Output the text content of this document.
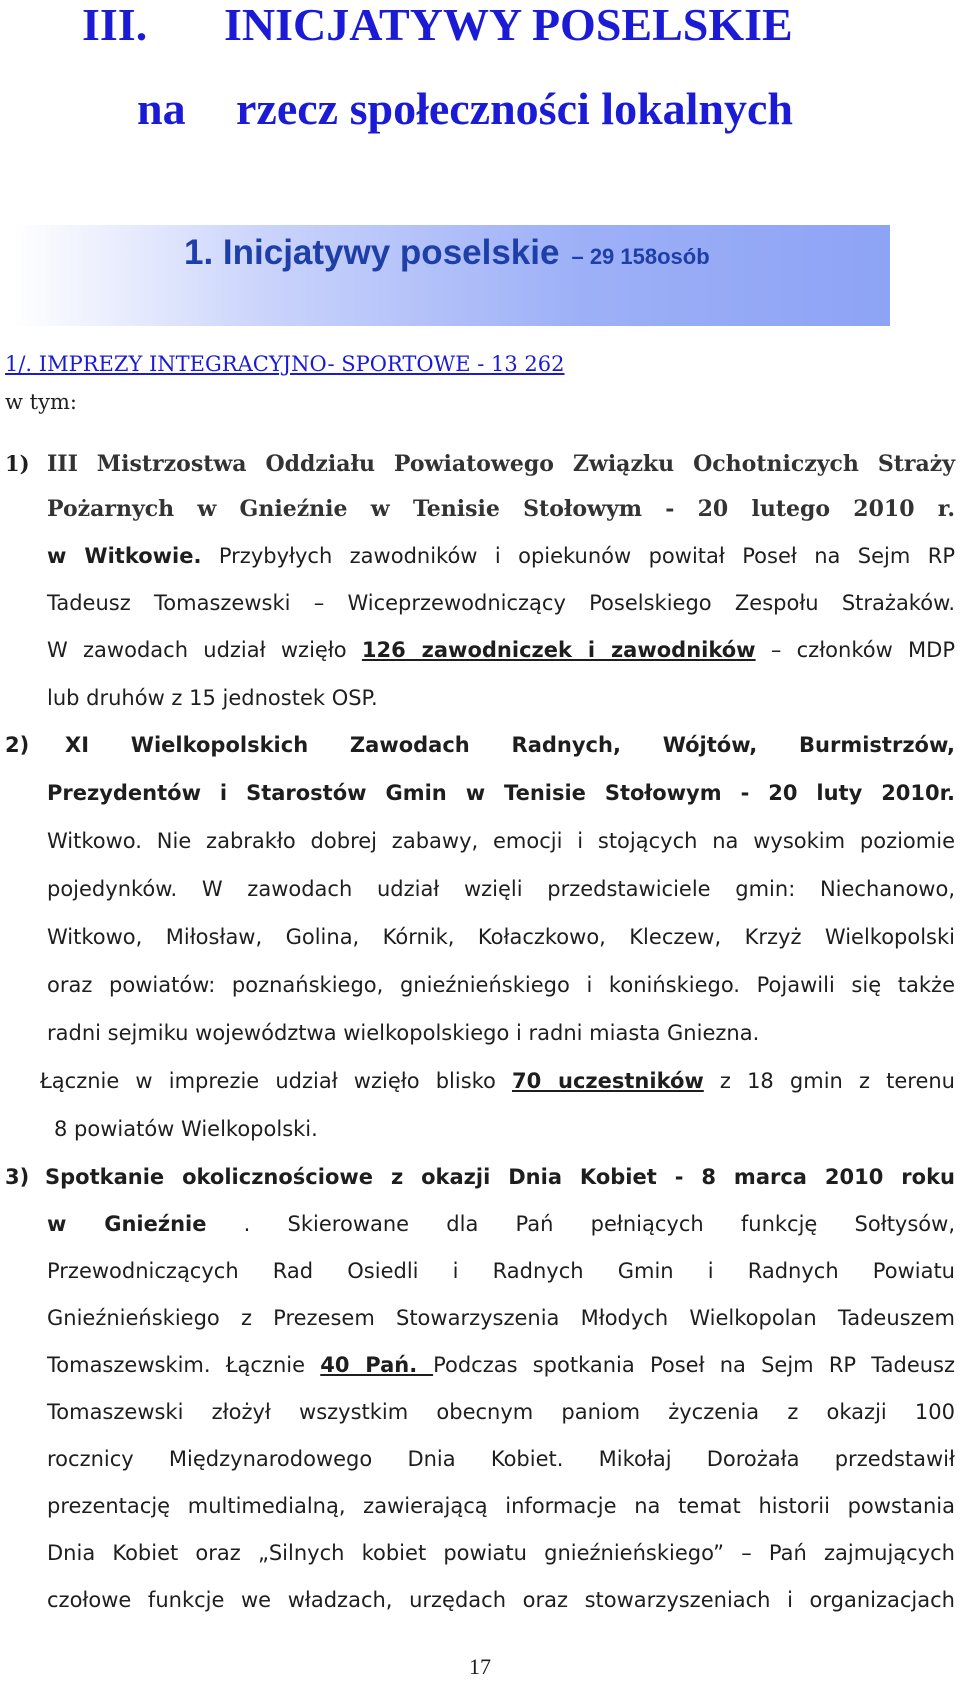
III. INICJATYWY POSELSKIE
na rzecz społeczności lokalnych
1. Inicjatywy poselskie – 29 158osób
1/. IMPREZY INTEGRACYJNO- SPORTOWE - 13 262
w tym:
1) III Mistrzostwa Oddziału Powiatowego Związku Ochotniczych Straży
Pożarnych w Gnieźnie w Tenisie Stołowym - 20 lutego 2010 r.
w Witkowie. Przybyłych zawodników i opiekunów powitał Poseł na Sejm RP
Tadeusz Tomaszewski – Wiceprzewodniczący Poselskiego Zespołu Strażaków.
W zawodach udział wzięło 126 zawodniczek i zawodników – członków MDP
lub druhów z 15 jednostek OSP.
2) XI Wielkopolskich Zawodach Radnych, Wójtów, Burmistrzów,
Prezydentów i Starostów Gmin w Tenisie Stołowym - 20 luty 2010r.
Witkowo. Nie zabrakło dobrej zabawy, emocji i stojących na wysokim poziomie
pojedynków. W zawodach udział wzięli przedstawiciele gmin: Niechanowo,
Witkowo, Miłosław, Golina, Kórnik, Kołaczkowo, Kleczew, Krzyż Wielkopolski
oraz powiatów: poznańskiego, gnieźnieńskiego i konińskiego. Pojawili się także
radni sejmiku województwa wielkopolskiego i radni miasta Gniezna.
Łącznie w imprezie udział wzięło blisko 70 uczestników z 18 gmin z terenu
8 powiatów Wielkopolski.
3) Spotkanie okolicznościowe z okazji Dnia Kobiet - 8 marca 2010 roku
w Gnieźnie . Skierowane dla Pań pełniących funkcję Sołtysów,
Przewodniczących Rad Osiedli i Radnych Gmin i Radnych Powiatu
Gnieźnieńskiego z Prezesem Stowarzyszenia Młodych Wielkopolan Tadeuszem
Tomaszewskim. Łącznie 40 Pań. Podczas spotkania Poseł na Sejm RP Tadeusz
Tomaszewski złożył wszystkim obecnym paniom życzenia z okazji 100
rocznicy Międzynarodowego Dnia Kobiet. Mikołaj Dorożała przedstawił
prezentację multimedialną, zawierającą informacje na temat historii powstania
Dnia Kobiet oraz „Silnych kobiet powiatu gnieźnieńskiego” – Pań zajmujących
czołowe funkcje we władzach, urzędach oraz stowarzyszeniach i organizacjach
17
